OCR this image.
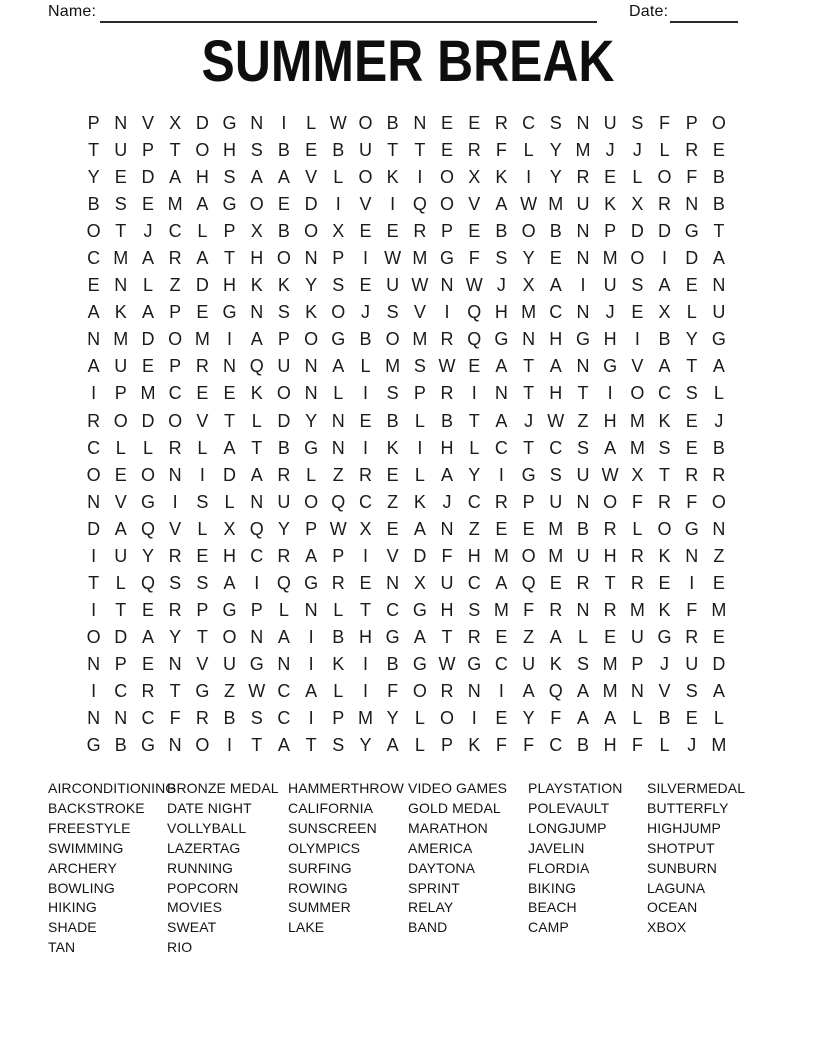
Name:	Date:
SUMMER BREAK
P N V X D G N	I	L W O B N E E R C S N U S F P O
T U P T O H S B E B U T T E R F L Y M J	J L R E
Y E D A H S A A V L O K	I O X K	I	Y R E L O F B
B S E M A G O E D	I	V	I Q O V A W M U K X R N B
O T J C L P X B O X E E R P E B O B N P D D G T
C M A R A T H O N P	I W M G F S Y E N M O I	D A
E N L Z D H K K Y S E U W N W J X A	I	U S A E N
A K A P E G N S K O J S V	I Q H M C N J E X L U
N M D O M I	A P O G B O M R Q G N H G H	I	B Y G
A U E P R N Q U N A L M S W E A T A N G V A T A
I	P M C E E K O N L	I	S P R	I	N T H T	I O C S L
R O D O V T L D Y N E B L B T A J W Z H M K E J
C L L R L A T B G N	I	K	I	H L C T C S A M S E B
O E O N	I	D A R L Z R E L A Y	I G S U W X T R R
N V G I	S L N U O Q C Z K J C R P U N O F R F O
D A Q V L X Q Y P W X E A N Z E E M B R L O G N
I	U Y R E H C R A P	I	V D F H M O M U H R K N Z
T L Q S S A	I Q G R E N X U C A Q E R T R E	I	E
I	T E R P G P L N L T C G H S M F R N R M K F M
O D A Y T O N A	I	B H G A T R E Z A L E U G R E
N P E N V U G N	I	K	I	B G W G C U K S M P J U D
I	C R T G Z W C A L	I	F O R N	I	A Q A M N V S A
N N C F R B S C	I	P M Y L O I	E Y F A A L B E L
G B G N O I	T A T S Y A L P K F F C B H F L J M
AIRCONDITIONING
BACKSTROKE
FREESTYLE
SWIMMING
ARCHERY
BOWLING
HIKING
SHADE
TAN
BRONZE MEDAL
DATE NIGHT
VOLLYBALL
LAZERTAG
RUNNING
POPCORN
MOVIES
SWEAT
RIO
HAMMERTHROW
CALIFORNIA
SUNSCREEN
OLYMPICS
SURFING
ROWING
SUMMER
LAKE
VIDEO GAMES
GOLD MEDAL
MARATHON
AMERICA
DAYTONA
SPRINT
RELAY
BAND
PLAYSTATION
POLEVAULT
LONGJUMP
JAVELIN
FLORDIA
BIKING
BEACH
CAMP
SILVERMEDAL
BUTTERFLY
HIGHJUMP
SHOTPUT
SUNBURN
LAGUNA
OCEAN
XBOX
